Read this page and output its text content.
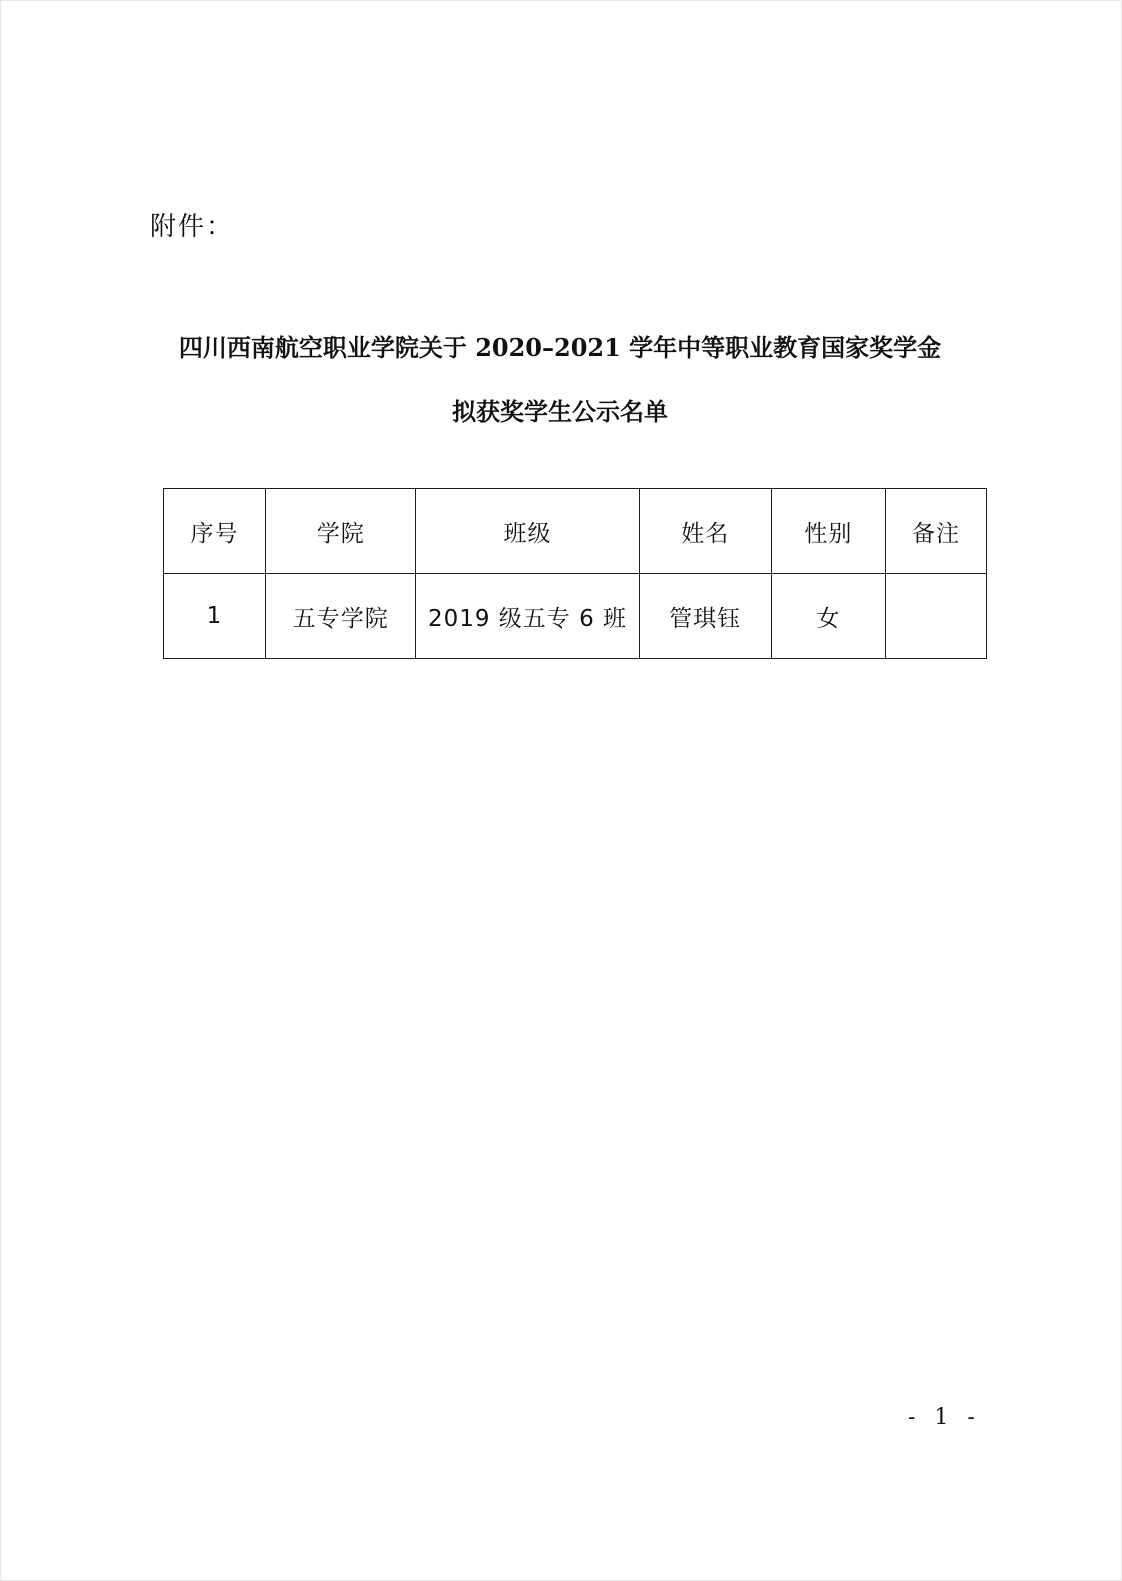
附件：
四川西南航空职业学院关于 2020–2021 学年中等职业教育国家奖学金
拟获奖学生公示名单
序号	学院	班级	姓名	性别	备注
1	五专学院	2019 级五专 6 班	管琪钰	女	
- 1 -
